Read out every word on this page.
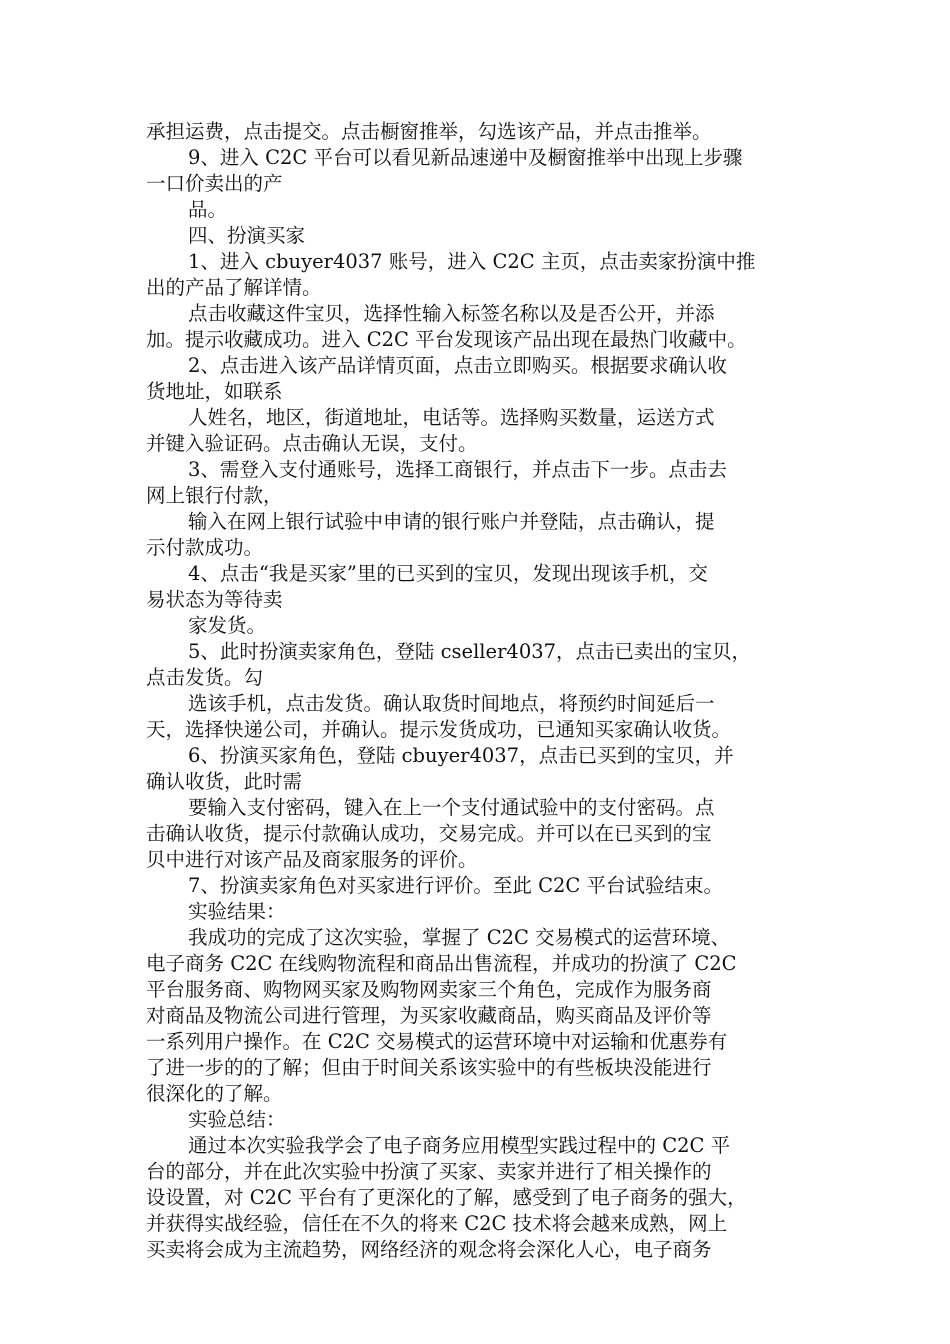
承担运费，点击提交。点击橱窗推举，勾选该产品，并点击推举。
9、进入 C2C 平台可以看见新品速递中及橱窗推举中出现上步骤
一口价卖出的产
品。
四、扮演买家
1、进入 cbuyer4037 账号，进入 C2C 主页，点击卖家扮演中推
出的产品了解详情。
点击收藏这件宝贝，选择性输入标签名称以及是否公开，并添
加。提示收藏成功。进入 C2C 平台发现该产品出现在最热门收藏中。
2、点击进入该产品详情页面，点击立即购买。根据要求确认收
货地址，如联系
人姓名，地区，街道地址，电话等。选择购买数量，运送方式
并键入验证码。点击确认无误，支付。
3、需登入支付通账号，选择工商银行，并点击下一步。点击去
网上银行付款，
输入在网上银行试验中申请的银行账户并登陆，点击确认，提
示付款成功。
4、点击“我是买家”里的已买到的宝贝，发现出现该手机，交
易状态为等待卖
家发货。
5、此时扮演卖家角色，登陆 cseller4037，点击已卖出的宝贝，
点击发货。勾
选该手机，点击发货。确认取货时间地点，将预约时间延后一
天，选择快递公司，并确认。提示发货成功，已通知买家确认收货。
6、扮演买家角色，登陆 cbuyer4037，点击已买到的宝贝，并
确认收货，此时需
要输入支付密码，键入在上一个支付通试验中的支付密码。点
击确认收货，提示付款确认成功，交易完成。并可以在已买到的宝
贝中进行对该产品及商家服务的评价。
7、扮演卖家角色对买家进行评价。至此 C2C 平台试验结束。
实验结果：
我成功的完成了这次实验，掌握了 C2C 交易模式的运营环境、
电子商务 C2C 在线购物流程和商品出售流程，并成功的扮演了 C2C
平台服务商、购物网买家及购物网卖家三个角色，完成作为服务商
对商品及物流公司进行管理，为买家收藏商品，购买商品及评价等
一系列用户操作。在 C2C 交易模式的运营环境中对运输和优惠券有
了进一步的的了解；但由于时间关系该实验中的有些板块没能进行
很深化的了解。
实验总结：
通过本次实验我学会了电子商务应用模型实践过程中的 C2C 平
台的部分，并在此次实验中扮演了买家、卖家并进行了相关操作的
设设置，对 C2C 平台有了更深化的了解，感受到了电子商务的强大，
并获得实战经验，信任在不久的将来 C2C 技术将会越来成熟，网上
买卖将会成为主流趋势，网络经济的观念将会深化人心，电子商务
